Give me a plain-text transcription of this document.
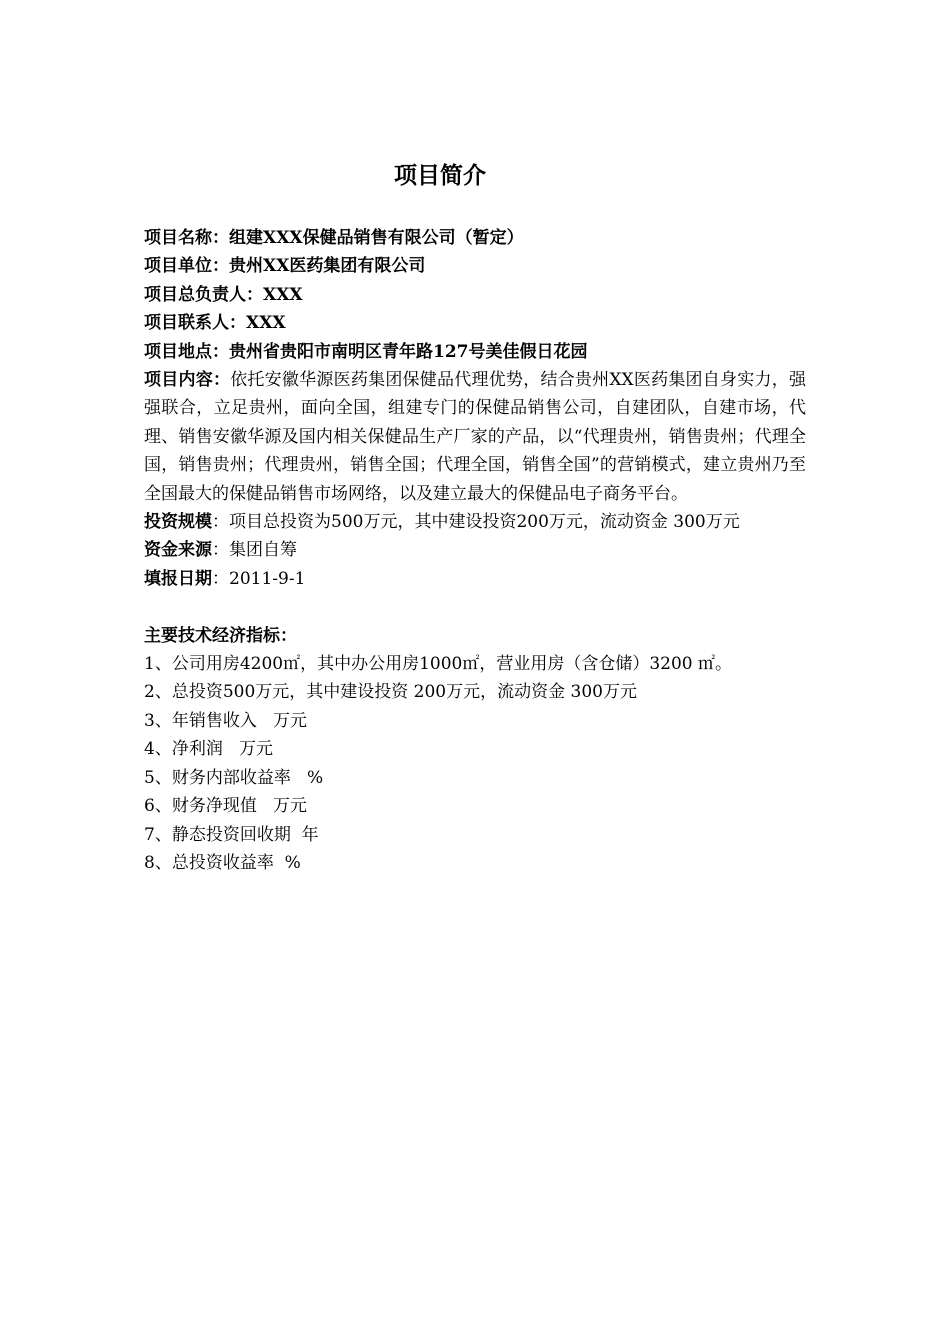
项目简介

项目名称：组建XXX保健品销售有限公司（暂定）

项目单位：贵州XX医药集团有限公司

项目总负责人：XXX

项目联系人：XXX

项目地点：贵州省贵阳市南明区青年路127号美佳假日花园

项目内容：依托安徽华源医药集团保健品代理优势，结合贵州XX医药集团自身实力，强强联合，立足贵州，面向全国，组建专门的保健品销售公司，自建团队，自建市场，代理、销售安徽华源及国内相关保健品生产厂家的产品，以“代理贵州，销售贵州；代理全国，销售贵州；代理贵州，销售全国；代理全国，销售全国”的营销模式，建立贵州乃至全国最大的保健品销售市场网络，以及建立最大的保健品电子商务平台。

投资规模：项目总投资为500万元，其中建设投资200万元，流动资金 300万元

资金来源：集团自筹

填报日期：2011-9-1

主要技术经济指标：

1、公司用房4200㎡，其中办公用房1000㎡，营业用房（含仓储）3200 ㎡。

2、总投资500万元，其中建设投资 200万元，流动资金 300万元

3、年销售收入   万元

4、净利润   万元

5、财务内部收益率   %

6、财务净现值   万元

7、静态投资回收期  年

8、总投资收益率  %
